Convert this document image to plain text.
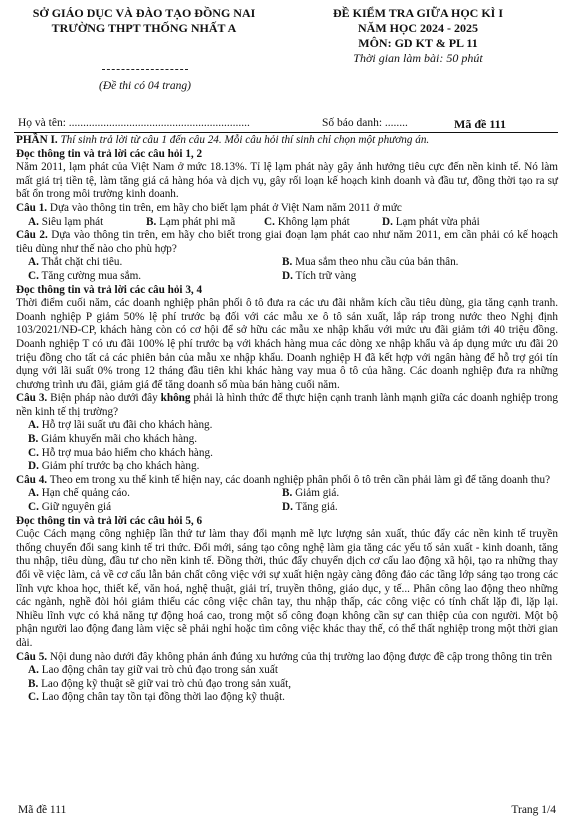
SỞ GIÁO DỤC VÀ ĐÀO TẠO ĐỒNG NAI
TRƯỜNG THPT THỐNG NHẤT A
ĐỀ KIỂM TRA GIỮA HỌC KÌ I
NĂM HỌC 2024 - 2025
MÔN: GD KT & PL 11
Thời gian làm bài: 50 phút
(Đề thi có 04 trang)
Họ và tên: ...............................................................	Số báo danh: ........	Mã đề 111

PHẦN I. Thí sinh trả lời từ câu 1 đến câu 24. Mỗi câu hỏi thí sinh chỉ chọn một phương án.

Đọc thông tin và trả lời các câu hỏi 1, 2

Năm 2011, lạm phát của Việt Nam ở mức 18.13%. Tỉ lệ lạm phát này gây ảnh hưởng tiêu cực đến nền kinh tế. Nó làm mất giá trị tiền tệ, làm tăng giá cả hàng hóa và dịch vụ, gây rối loạn kế hoạch kinh doanh và đầu tư, đồng thời tạo ra sự bất ổn trong môi trường kinh doanh.

Câu 1. Dựa vào thông tin trên, em hãy cho biết lạm phát ở Việt Nam năm 2011 ở mức

A. Siêu lạm phát	B. Lạm phát phi mã	C. Không lạm phát	D. Lạm phát vừa phải

Câu 2. Dựa vào thông tin trên, em hãy cho biết trong giai đoạn lạm phát cao như năm 2011, em cần phải có kế hoạch tiêu dùng như thế nào cho phù hợp?

A. Thắt chặt chi tiêu.	B. Mua sắm theo nhu cầu của bản thân.
C. Tăng cường mua sắm.	D. Tích trữ vàng

Đọc thông tin và trả lời các câu hỏi 3, 4

Thời điểm cuối năm, các doanh nghiệp phân phối ô tô đưa ra các ưu đãi nhằm kích cầu tiêu dùng, gia tăng cạnh tranh. Doanh nghiệp P giảm 50% lệ phí trước bạ đối với các mẫu xe ô tô sản xuất, lắp ráp trong nước theo Nghị định 103/2021/NĐ-CP, khách hàng còn có cơ hội để sở hữu các mẫu xe nhập khẩu với mức ưu đãi giảm tới 40 triệu đồng. Doanh nghiệp T có ưu đãi 100% lệ phí trước bạ với khách hàng mua các dòng xe nhập khẩu và áp dụng mức ưu đãi 20 triệu đồng cho tất cả các phiên bản của mẫu xe nhập khẩu. Doanh nghiệp H đã kết hợp với ngân hàng để hỗ trợ gói tín dụng với lãi suất 0% trong 12 tháng đầu tiên khi khác hàng vay mua ô tô của hãng. Các doanh nghiệp đưa ra những chương trình ưu đãi, giảm giá để tăng doanh số mùa bán hàng cuối năm.

Câu 3. Biện pháp nào dưới đây không phải là hình thức để thực hiện cạnh tranh lành mạnh giữa các doanh nghiệp trong nền kinh tế thị trường?

A. Hỗ trợ lãi suất ưu đãi cho khách hàng.
B. Giảm khuyến mãi cho khách hàng.
C. Hỗ trợ mua bảo hiểm cho khách hàng.
D. Giảm phí trước bạ cho khách hàng.

Câu 4. Theo em trong xu thế kinh tế hiện nay, các doanh nghiệp phân phối ô tô trên cần phải làm gì để tăng doanh thu?

A. Hạn chế quảng cáo.	B. Giảm giá.
C. Giữ nguyên giá	D. Tăng giá.

Đọc thông tin và trả lời các câu hỏi 5, 6

Cuộc Cách mạng công nghiệp lần thứ tư làm thay đổi mạnh mẽ lực lượng sản xuất, thúc đẩy các nền kinh tế truyền thống chuyển đổi sang kinh tế tri thức. Đổi mới, sáng tạo công nghệ làm gia tăng các yếu tố sản xuất - kinh doanh, tăng thu nhập, tiêu dùng, đầu tư cho nền kinh tế. Đồng thời, thúc đẩy chuyển dịch cơ cấu lao động xã hội, tạo ra những thay đổi về việc làm, cả về cơ cấu lẫn bản chất công việc với sự xuất hiện ngày càng đông đảo các tầng lớp sáng tạo trong các lĩnh vực khoa học, thiết kế, văn hoá, nghệ thuật, giải trí, truyền thông, giáo dục, y tế... Phân công lao động theo những các ngành, nghề đòi hỏi giảm thiểu các công việc chân tay, thu nhập thấp, các công việc có tính chất lặp đi, lặp lại. Nhiều lĩnh vực có khả năng tự động hoá cao, trong một số công đoạn không cần sự can thiệp của con người. Một bộ phận người lao động đang làm việc sẽ phải nghỉ hoặc tìm công việc khác thay thế, có thể thất nghiệp trong một thời gian dài.

Câu 5. Nội dung nào dưới đây không phản ánh đúng xu hướng của thị trường lao động được đề cập trong thông tin trên

A. Lao động chân tay giữ vai trò chủ đạo trong sản xuất
B. Lao động kỹ thuật sẽ giữ vai trò chủ đạo trong sản xuất,
C. Lao động chân tay tồn tại đồng thời lao động kỹ thuật.
Mã đề 111	Trang 1/4
